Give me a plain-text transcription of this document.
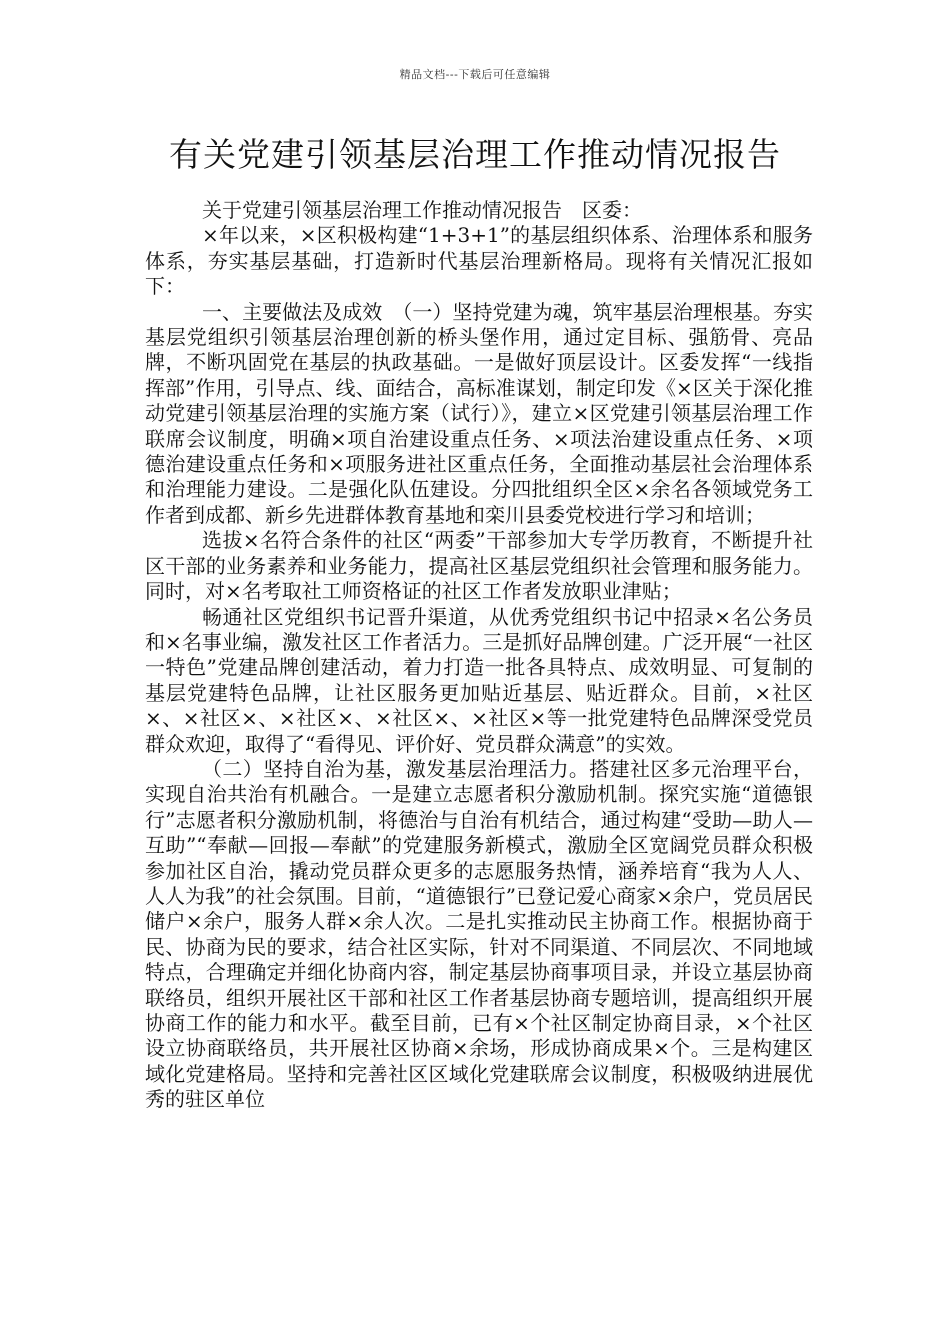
精品文档---下载后可任意编辑
有关党建引领基层治理工作推动情况报告

关于党建引领基层治理工作推动情况报告　区委：

×年以来，×区积极构建“1+3+1”的基层组织体系、治理体系和服务体系，夯实基层基础，打造新时代基层治理新格局。现将有关情况汇报如下：

一、主要做法及成效　（一）坚持党建为魂，筑牢基层治理根基。夯实基层党组织引领基层治理创新的桥头堡作用，通过定目标、强筋骨、亮品牌，不断巩固党在基层的执政基础。一是做好顶层设计。区委发挥“一线指挥部”作用，引导点、线、面结合，高标准谋划，制定印发《×区关于深化推动党建引领基层治理的实施方案（试行）》，建立×区党建引领基层治理工作联席会议制度，明确×项自治建设重点任务、×项法治建设重点任务、×项德治建设重点任务和×项服务进社区重点任务，全面推动基层社会治理体系和治理能力建设。二是强化队伍建设。分四批组织全区×余名各领域党务工作者到成都、新乡先进群体教育基地和栾川县委党校进行学习和培训；

选拔×名符合条件的社区“两委”干部参加大专学历教育，不断提升社区干部的业务素养和业务能力，提高社区基层党组织社会管理和服务能力。同时，对×名考取社工师资格证的社区工作者发放职业津贴；

畅通社区党组织书记晋升渠道，从优秀党组织书记中招录×名公务员和×名事业编，激发社区工作者活力。三是抓好品牌创建。广泛开展“一社区一特色”党建品牌创建活动，着力打造一批各具特点、成效明显、可复制的基层党建特色品牌，让社区服务更加贴近基层、贴近群众。目前，×社区×、×社区×、×社区×、×社区×、×社区×等一批党建特色品牌深受党员群众欢迎，取得了“看得见、评价好、党员群众满意”的实效。

（二）坚持自治为基，激发基层治理活力。搭建社区多元治理平台，实现自治共治有机融合。一是建立志愿者积分激励机制。探究实施“道德银行”志愿者积分激励机制，将德治与自治有机结合，通过构建“受助—助人—互助”“奉献—回报—奉献”的党建服务新模式，激励全区宽阔党员群众积极参加社区自治，撬动党员群众更多的志愿服务热情，涵养培育“我为人人、人人为我”的社会氛围。目前，“道德银行”已登记爱心商家×余户，党员居民储户×余户，服务人群×余人次。二是扎实推动民主协商工作。根据协商于民、协商为民的要求，结合社区实际，针对不同渠道、不同层次、不同地域特点，合理确定并细化协商内容，制定基层协商事项目录，并设立基层协商联络员，组织开展社区干部和社区工作者基层协商专题培训，提高组织开展协商工作的能力和水平。截至目前，已有×个社区制定协商目录，×个社区设立协商联络员，共开展社区协商×余场，形成协商成果×个。三是构建区域化党建格局。坚持和完善社区区域化党建联席会议制度，积极吸纳进展优秀的驻区单位
